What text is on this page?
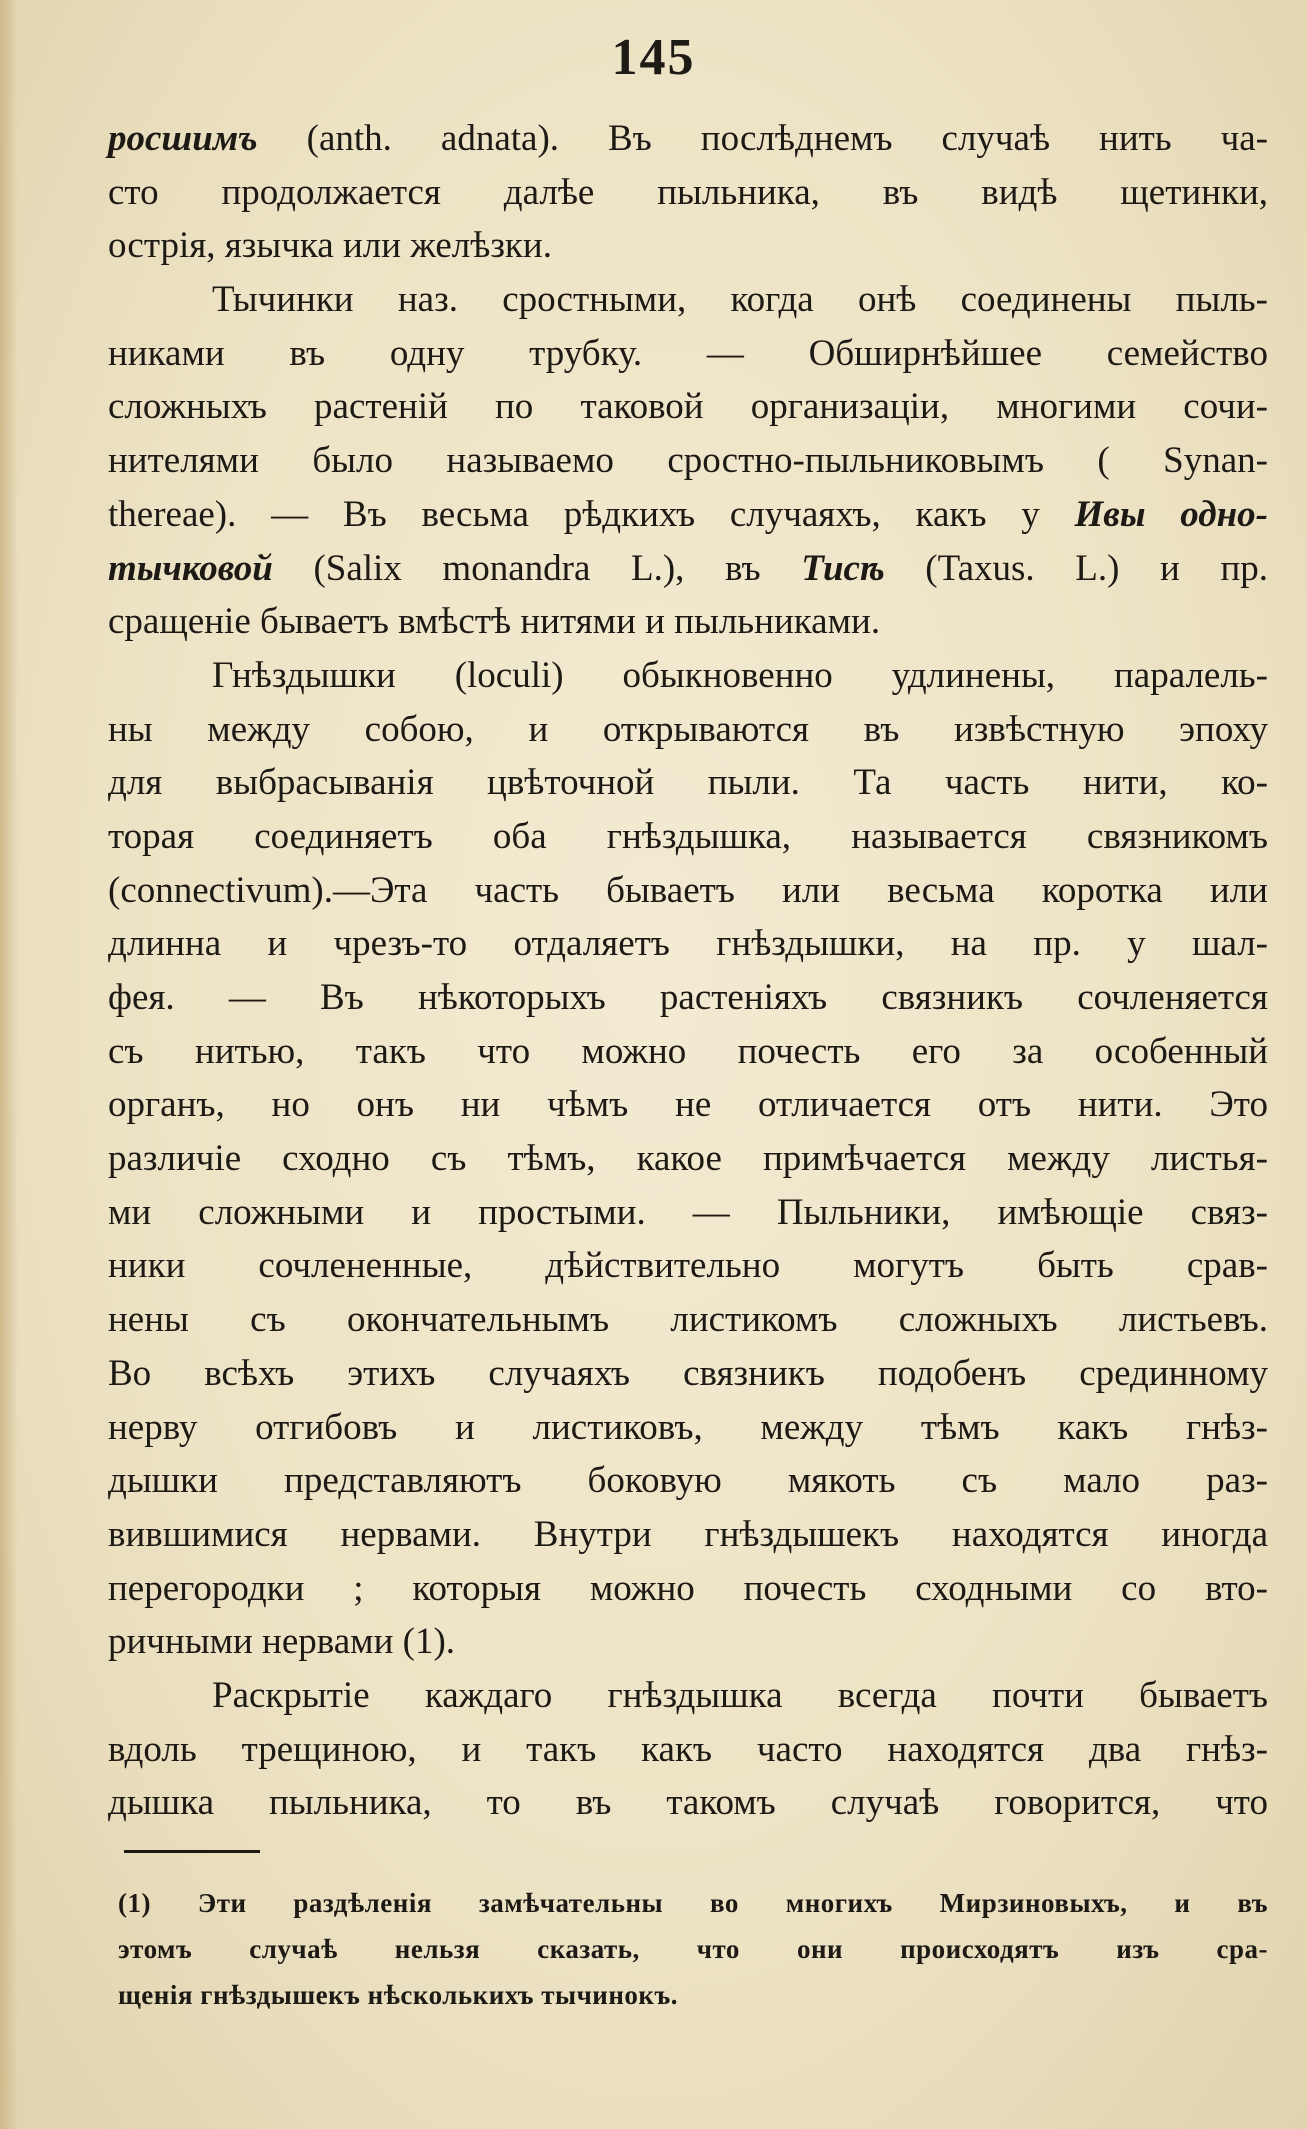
145
росшимъ (anth. adnata). Въ послѣднемъ случаѣ нить ча-
сто продолжается далѣе пыльника, въ видѣ щетинки,
острія, язычка или желѣзки.
Тычинки наз. сростными, когда онѣ соединены пыль-
никами въ одну трубку. — Обширнѣйшее семейство
сложныхъ растеній по таковой организаціи, многими сочи-
нителями было называемо сростно-пыльниковымъ ( Synan-
thereae). — Въ весьма рѣдкихъ случаяхъ, какъ у Ивы одно-
тычковой (Salix monandra L.), въ Тисѣ (Taxus. L.) и пр.
сращеніе бываетъ вмѣстѣ нитями и пыльниками.
Гнѣздышки (loculi) обыкновенно удлинены, паралель-
ны между собою, и открываются въ извѣстную эпоху
для выбрасыванія цвѣточной пыли. Та часть нити, ко-
торая соединяетъ оба гнѣздышка, называется связникомъ
(connectivum).—Эта часть бываетъ или весьма коротка или
длинна и чрезъ-то отдаляетъ гнѣздышки, на пр. у шал-
фея. — Въ нѣкоторыхъ растеніяхъ связникъ сочленяется
съ нитью, такъ что можно почесть его за особенный
органъ, но онъ ни чѣмъ не отличается отъ нити. Это
различіе сходно съ тѣмъ, какое примѣчается между листья-
ми сложными и простыми. — Пыльники, имѣющіе связ-
ники сочлененные, дѣйствительно могутъ быть срав-
нены съ окончательнымъ листикомъ сложныхъ листьевъ.
Во всѣхъ этихъ случаяхъ связникъ подобенъ срединному
нерву отгибовъ и листиковъ, между тѣмъ какъ гнѣз-
дышки представляютъ боковую мякоть съ мало раз-
вившимися нервами. Внутри гнѣздышекъ находятся иногда
перегородки ; которыя можно почесть сходными со вто-
ричными нервами (1).
Раскрытіе каждаго гнѣздышка всегда почти бываетъ
вдоль трещиною, и такъ какъ часто находятся два гнѣз-
дышка пыльника, то въ такомъ случаѣ говорится, что
(1) Эти раздѣленія замѣчательны во многихъ Мирзиновыхъ, и въ
этомъ случаѣ нельзя сказать, что они происходятъ изъ сра-
щенія гнѣздышекъ нѣсколькихъ тычинокъ.
